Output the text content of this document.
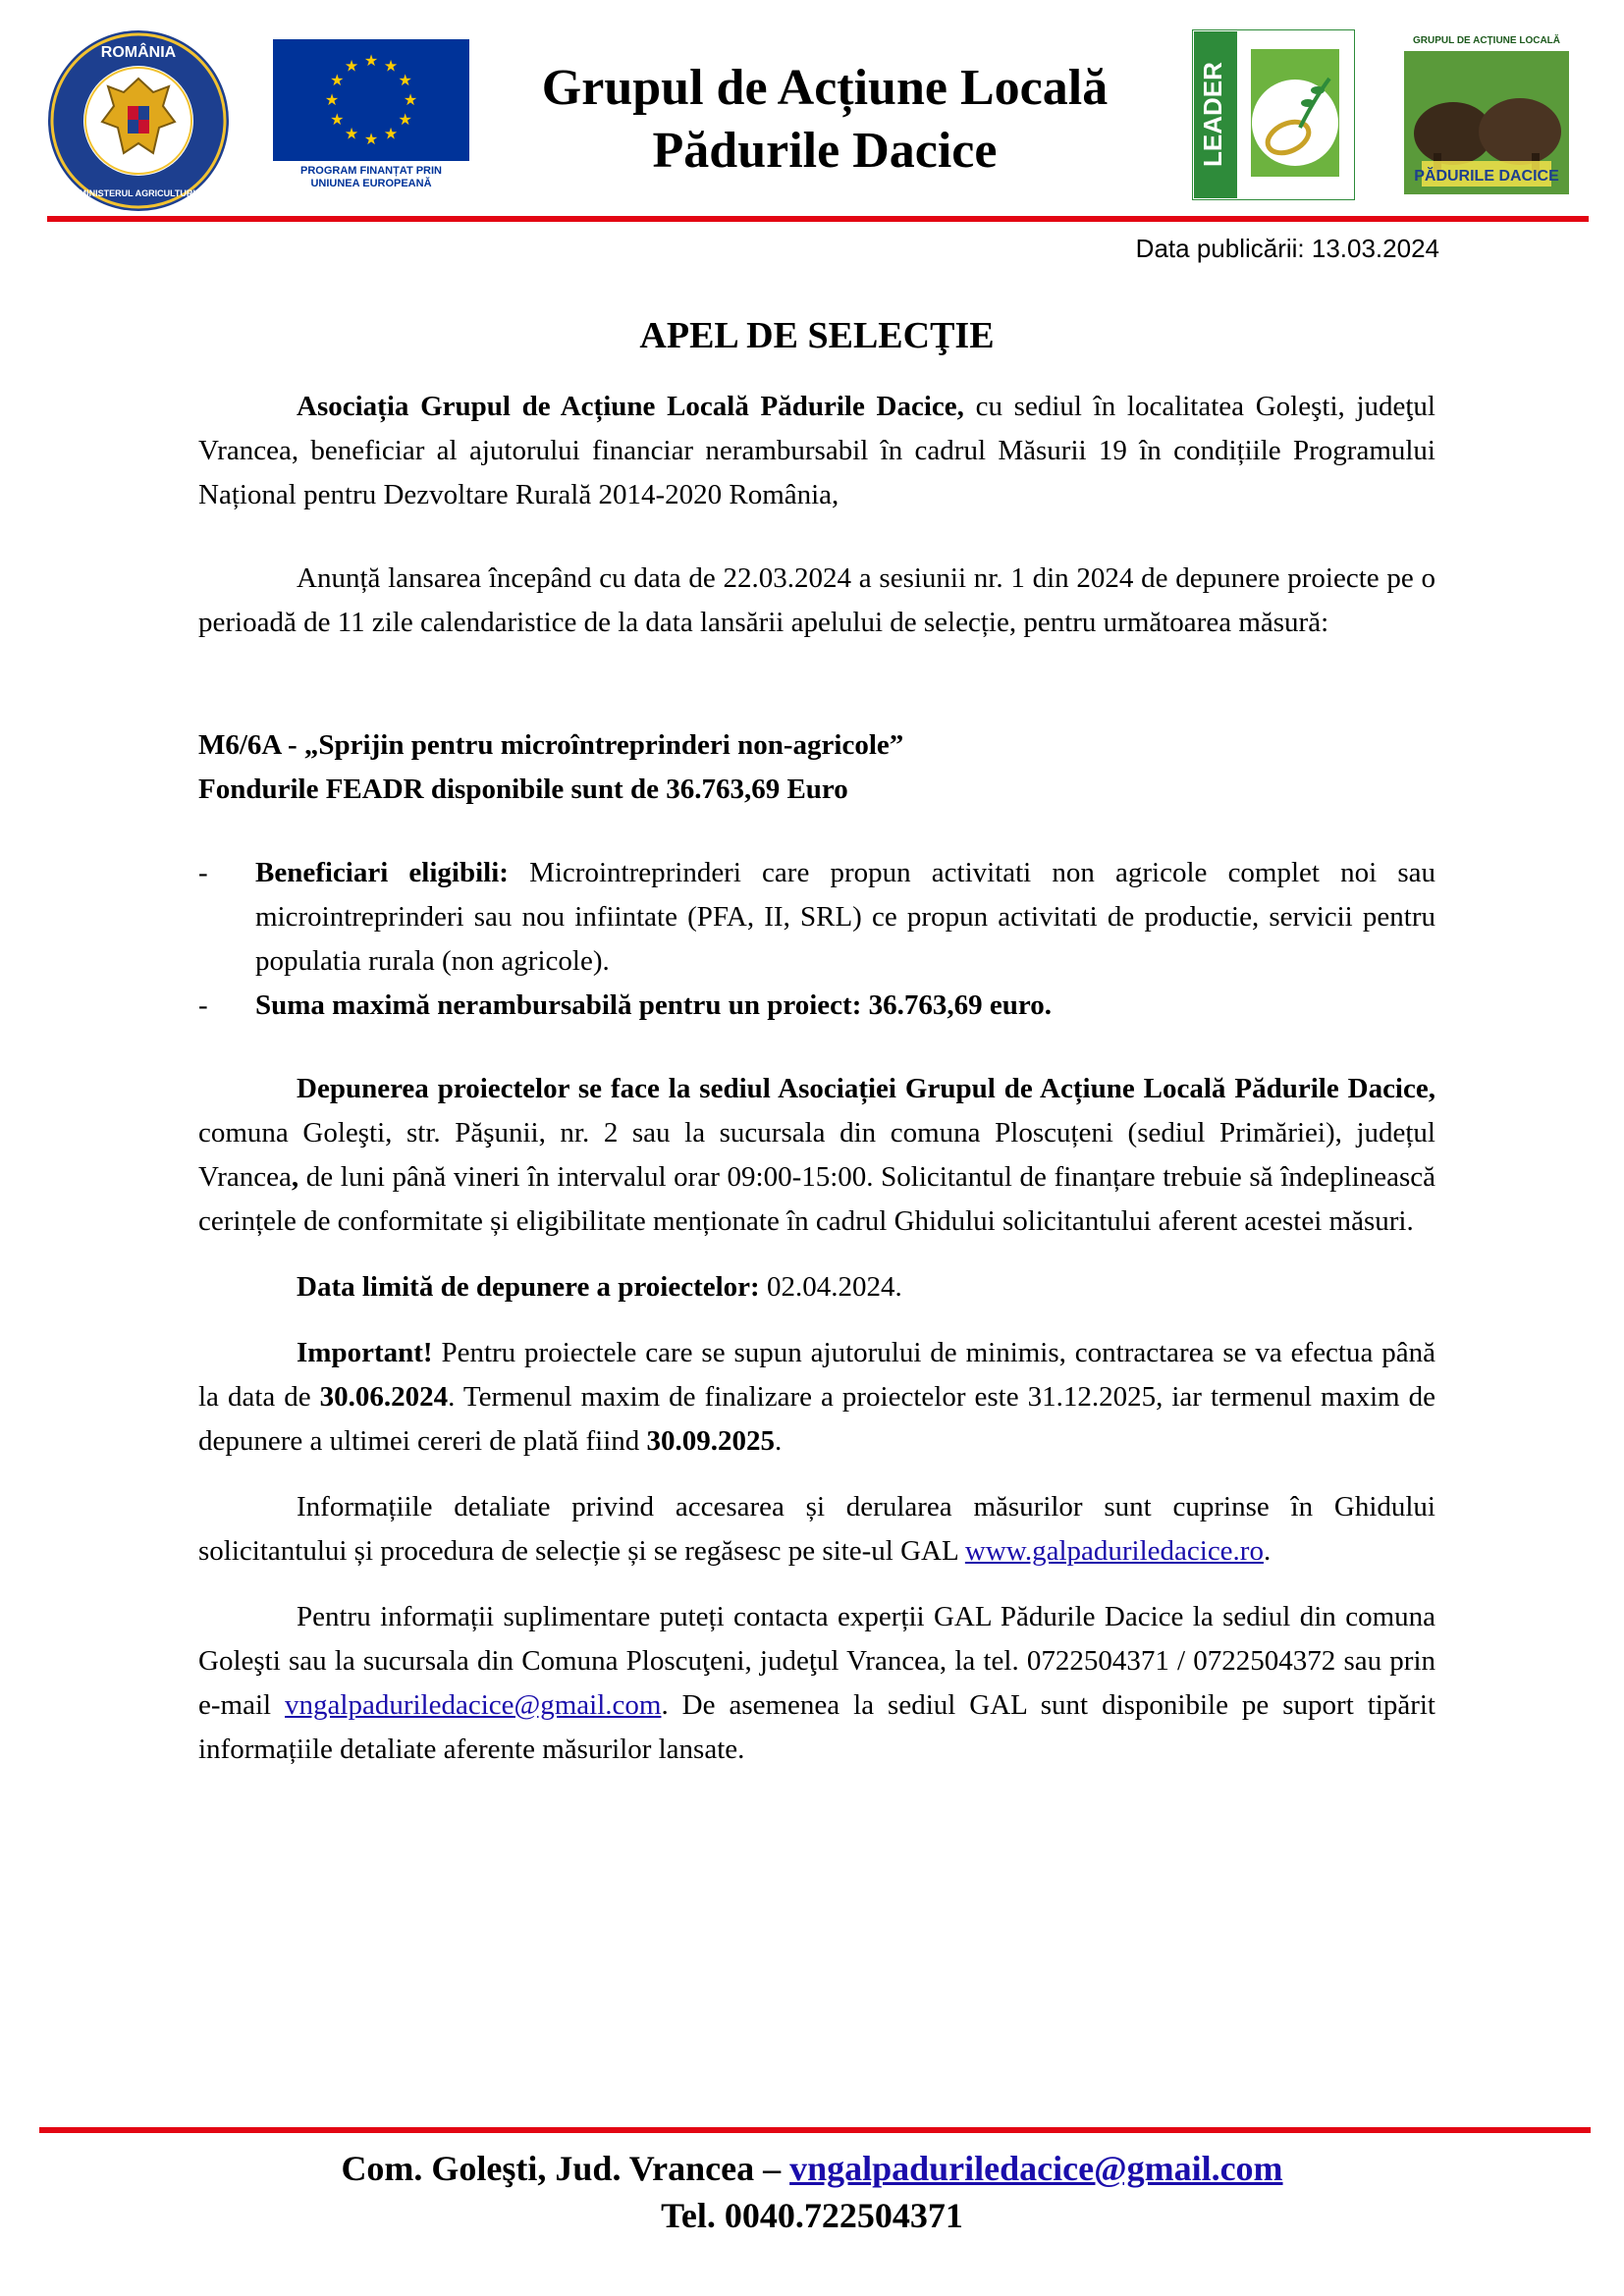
ROMÂNIA
MINISTERUL AGRICULTURII
★ ★
★
★
★
★
★
★
★
★
★
★
PROGRAM FINANȚAT PRIN
UNIUNEA EUROPEANĂ
Grupul de Acțiune Locală
Pădurile Dacice	LEADER
GRUPUL DE ACȚIUNE LOCALĂ
PĂDURILE DACICE
Data publicării: 13.03.2024
APEL DE SELECŢIE

Asociația Grupul de Acțiune Locală Pădurile Dacice, cu sediul în localitatea Goleşti, judeţul Vrancea, beneficiar al ajutorului financiar nerambursabil în cadrul Măsurii 19 în condițiile Programului Național pentru Dezvoltare Rurală 2014-2020 România,

Anunță lansarea începând cu data de 22.03.2024 a sesiunii nr. 1 din 2024 de depunere proiecte pe o perioadă de 11 zile calendaristice de la data lansării apelului de selecție, pentru următoarea măsură:

M6/6A - „Sprijin pentru microîntreprinderi non-agricole”
Fondurile FEADR disponibile sunt de 36.763,69 Euro
- Beneficiari eligibili: Microintreprinderi care propun activitati non agricole complet noi sau microintreprinderi sau nou infiintate (PFA, II, SRL) ce propun activitati de productie, servicii pentru populatia rurala (non agricole).
- Suma maximă nerambursabilă pentru un proiect: 36.763,69 euro.

Depunerea proiectelor se face la sediul Asociației Grupul de Acțiune Locală Pădurile Dacice, comuna Goleşti, str. Păşunii, nr. 2 sau la sucursala din comuna Ploscuțeni (sediul Primăriei), județul Vrancea, de luni până vineri în intervalul orar 09:00-15:00. Solicitantul de finanțare trebuie să îndeplinească cerințele de conformitate și eligibilitate menționate în cadrul Ghidului solicitantului aferent acestei măsuri.

Data limită de depunere a proiectelor: 02.04.2024.

Important! Pentru proiectele care se supun ajutorului de minimis, contractarea se va efectua până la data de 30.06.2024. Termenul maxim de finalizare a proiectelor este 31.12.2025, iar termenul maxim de depunere a ultimei cereri de plată fiind 30.09.2025.

Informațiile detaliate privind accesarea și derularea măsurilor sunt cuprinse în Ghidului solicitantului și procedura de selecție și se regăsesc pe site-ul GAL www.galpaduriledacice.ro.

Pentru informații suplimentare puteți contacta experții GAL Pădurile Dacice la sediul din comuna Goleşti sau la sucursala din Comuna Ploscuţeni, judeţul Vrancea, la tel. 0722504371 / 0722504372 sau prin e-mail vngalpaduriledacice@gmail.com. De asemenea la sediul GAL sunt disponibile pe suport tipărit informațiile detaliate aferente măsurilor lansate.

Com. Goleşti, Jud. Vrancea – vngalpaduriledacice@gmail.com
Tel. 0040.722504371
